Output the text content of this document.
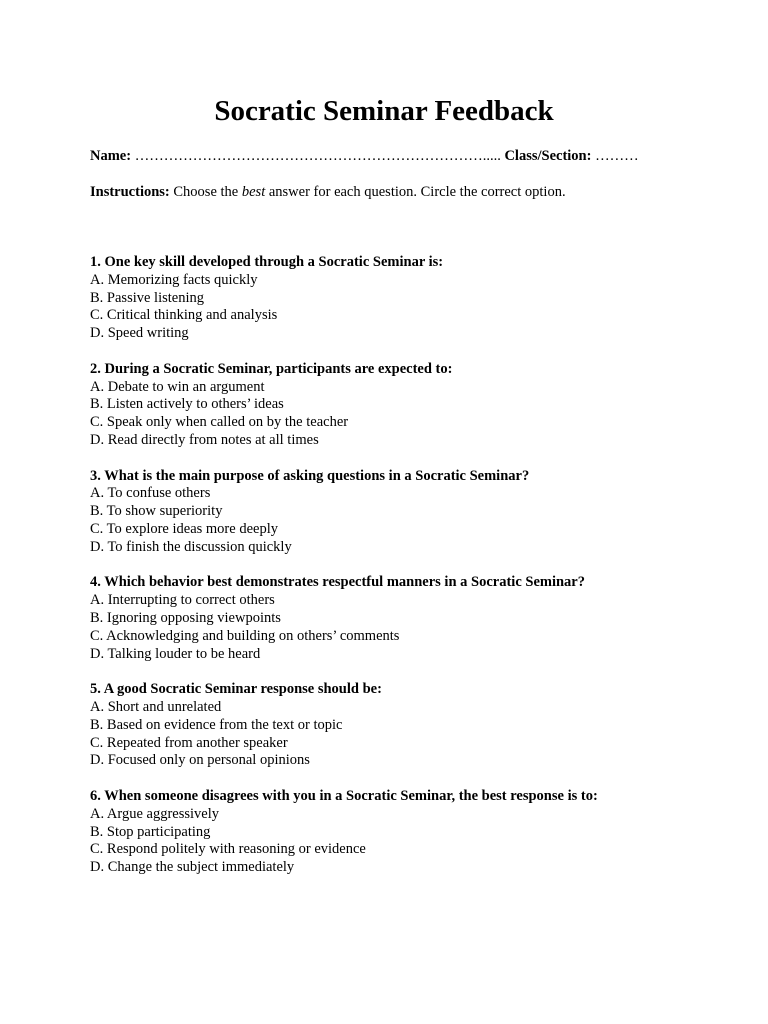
Socratic Seminar Feedback
Name: ………………………………………………………………..... Class/Section: ………
Instructions: Choose the best answer for each question. Circle the correct option.
1. One key skill developed through a Socratic Seminar is:
A. Memorizing facts quickly
B. Passive listening
C. Critical thinking and analysis
D. Speed writing
2. During a Socratic Seminar, participants are expected to:
A. Debate to win an argument
B. Listen actively to others’ ideas
C. Speak only when called on by the teacher
D. Read directly from notes at all times
3. What is the main purpose of asking questions in a Socratic Seminar?
A. To confuse others
B. To show superiority
C. To explore ideas more deeply
D. To finish the discussion quickly
4. Which behavior best demonstrates respectful manners in a Socratic Seminar?
A. Interrupting to correct others
B. Ignoring opposing viewpoints
C. Acknowledging and building on others’ comments
D. Talking louder to be heard
5. A good Socratic Seminar response should be:
A. Short and unrelated
B. Based on evidence from the text or topic
C. Repeated from another speaker
D. Focused only on personal opinions
6. When someone disagrees with you in a Socratic Seminar, the best response is to:
A. Argue aggressively
B. Stop participating
C. Respond politely with reasoning or evidence
D. Change the subject immediately
